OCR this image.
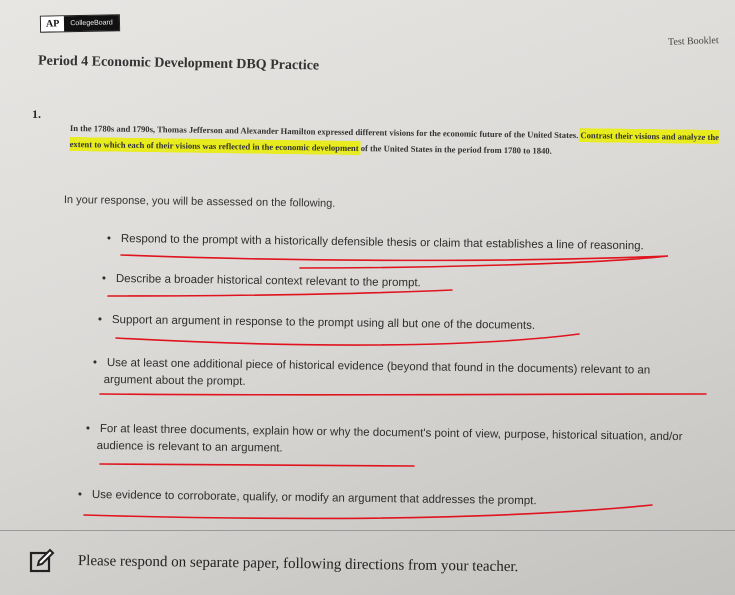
AP	CollegeBoard
Test Booklet
Period 4 Economic Development DBQ Practice
1.
In the 1780s and 1790s, Thomas Jefferson and Alexander Hamilton expressed different visions for the economic future of the United States. Contrast their visions and analyze the extent to which each of their visions was reflected in the economic development of the United States in the period from 1780 to 1840.
In your response, you will be assessed on the following.
• Respond to the prompt with a historically defensible thesis or claim that establishes a line of reasoning.
• Describe a broader historical context relevant to the prompt.
• Support an argument in response to the prompt using all but one of the documents.
• Use at least one additional piece of historical evidence (beyond that found in the documents) relevant to an
argument about the prompt.
• For at least three documents, explain how or why the document's point of view, purpose, historical situation, and/or
audience is relevant to an argument.
• Use evidence to corroborate, qualify, or modify an argument that addresses the prompt.
Please respond on separate paper, following directions from your teacher.
